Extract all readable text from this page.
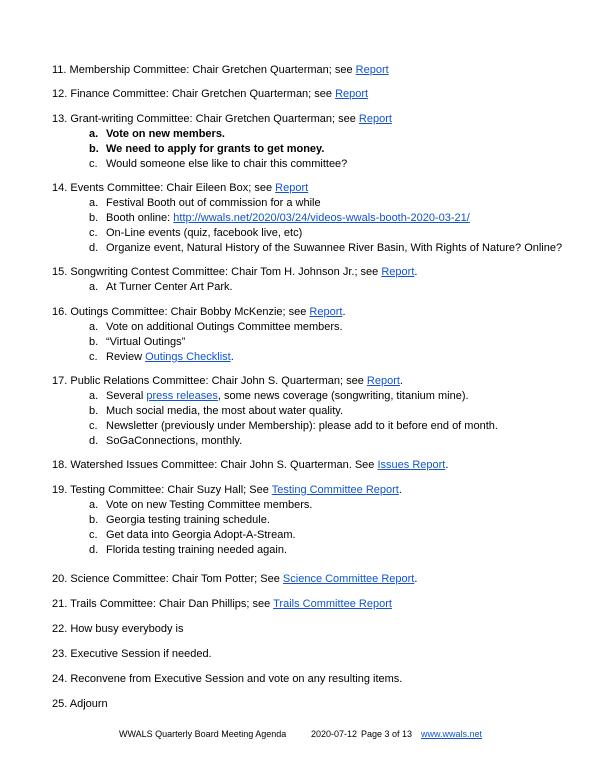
11. Membership Committee: Chair Gretchen Quarterman; see Report
12. Finance Committee: Chair Gretchen Quarterman; see Report
13. Grant-writing Committee: Chair Gretchen Quarterman; see Report
a. Vote on new members.
b. We need to apply for grants to get money.
c. Would someone else like to chair this committee?
14. Events Committee: Chair Eileen Box; see Report
a. Festival Booth out of commission for a while
b. Booth online: http://wwals.net/2020/03/24/videos-wwals-booth-2020-03-21/
c. On-Line events (quiz, facebook live, etc)
d. Organize event, Natural History of the Suwannee River Basin, With Rights of Nature? Online?
15. Songwriting Contest Committee: Chair Tom H. Johnson Jr.; see Report.
a. At Turner Center Art Park.
16. Outings Committee: Chair Bobby McKenzie; see Report.
a. Vote on additional Outings Committee members.
b. “Virtual Outings”
c. Review Outings Checklist.
17. Public Relations Committee: Chair John S. Quarterman; see Report.
a. Several press releases, some news coverage (songwriting, titanium mine).
b. Much social media, the most about water quality.
c. Newsletter (previously under Membership): please add to it before end of month.
d. SoGaConnections, monthly.
18. Watershed Issues Committee: Chair John S. Quarterman. See Issues Report.
19. Testing Committee: Chair Suzy Hall; See Testing Committee Report.
a. Vote on new Testing Committee members.
b. Georgia testing training schedule.
c. Get data into Georgia Adopt-A-Stream.
d. Florida testing training needed again.
20. Science Committee: Chair Tom Potter; See Science Committee Report.
21. Trails Committee: Chair Dan Phillips; see Trails Committee Report
22. How busy everybody is
23. Executive Session if needed.
24. Reconvene from Executive Session and vote on any resulting items.
25. Adjourn
WWALS Quarterly Board Meeting Agenda	2020-07-12 Page 3 of 13 www.wwals.net
